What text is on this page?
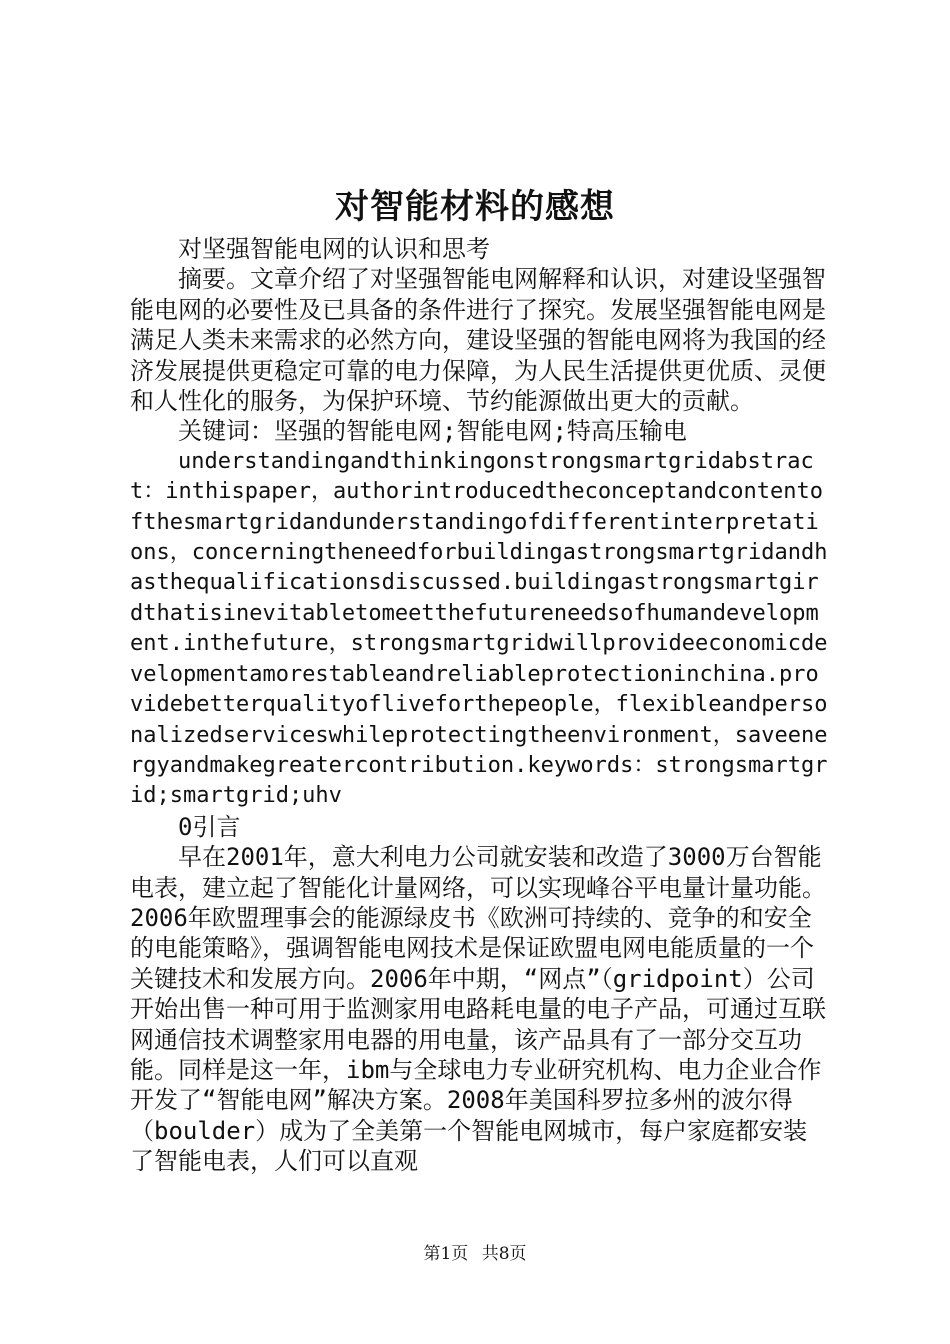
对智能材料的感想

对坚强智能电网的认识和思考

摘要。文章介绍了对坚强智能电网解释和认识，对建设坚强智能电网的必要性及已具备的条件进行了探究。发展坚强智能电网是满足人类未来需求的必然方向，建设坚强的智能电网将为我国的经济发展提供更稳定可靠的电力保障，为人民生活提供更优质、灵便和人性化的服务，为保护环境、节约能源做出更大的贡献。

关键词：坚强的智能电网;智能电网;特高压输电

understandingandthinkingonstrongsmartgridabstract：inthispaper，authorintroducedtheconceptandcontentofthesmartgridandunderstandingofdifferentinterpretations，concerningtheneedforbuildingastrongsmartgridandhasthequalificationsdiscussed.buildingastrongsmartgirdthatisinevitabletomeetthefutureneedsofhumandevelopment.inthefuture，strongsmartgridwillprovideeconomicdevelopmentamorestableandreliableprotectioninchina.providebetterqualityofliveforthepeople，flexibleandpersonalizedserviceswhileprotectingtheenvironment，saveenergyandmakegreatercontribution.keywords：strongsmartgrid;smartgrid;uhv

0引言

早在2001年，意大利电力公司就安装和改造了3000万台智能电表，建立起了智能化计量网络，可以实现峰谷平电量计量功能。2006年欧盟理事会的能源绿皮书《欧洲可持续的、竞争的和安全的电能策略》，强调智能电网技术是保证欧盟电网电能质量的一个关键技术和发展方向。2006年中期，“网点”（gridpoint）公司开始出售一种可用于监测家用电路耗电量的电子产品，可通过互联网通信技术调整家用电器的用电量，该产品具有了一部分交互功能。同样是这一年，ibm与全球电力专业研究机构、电力企业合作开发了“智能电网”解决方案。2008年美国科罗拉多州的波尔得（boulder）成为了全美第一个智能电网城市，每户家庭都安装了智能电表，人们可以直观

第1页 共8页
